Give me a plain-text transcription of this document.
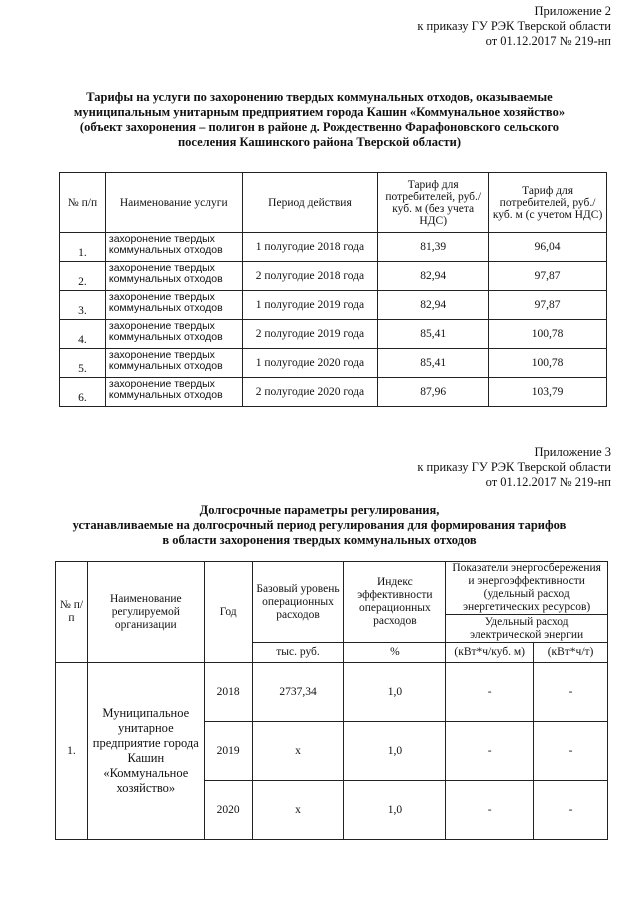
Приложение 2
к приказу ГУ РЭК Тверской области
от 01.12.2017 № 219-нп
Тарифы на услуги по захоронению твердых коммунальных отходов, оказываемые
муниципальным унитарным предприятием города Кашин «Коммунальное хозяйство»
(объект захоронения – полигон в районе д. Рождественно Фарафоновского сельского
поселения Кашинского района Тверской области)
№ п/п	Наименование услуги	Период действия	Тариф для потребителей, руб./куб. м (без учета НДС)	Тариф для потребителей, руб./куб. м (с учетом НДС)
1.	захоронение твердых коммунальных отходов	1 полугодие 2018 года	81,39	96,04
2.	захоронение твердых коммунальных отходов	2 полугодие 2018 года	82,94	97,87
3.	захоронение твердых коммунальных отходов	1 полугодие 2019 года	82,94	97,87
4.	захоронение твердых коммунальных отходов	2 полугодие 2019 года	85,41	100,78
5.	захоронение твердых коммунальных отходов	1 полугодие 2020 года	85,41	100,78
6.	захоронение твердых коммунальных отходов	2 полугодие 2020 года	87,96	103,79
Приложение 3
к приказу ГУ РЭК Тверской области
от 01.12.2017 № 219-нп
Долгосрочные параметры регулирования,
устанавливаемые на долгосрочный период регулирования для формирования тарифов
в области захоронения твердых коммунальных отходов
№ п/п	Наименование регулируемой организации	Год	Базовый уровень операционных расходов	Индекс эффективности операционных расходов	Показатели энергосбережения и энергоэффективности (удельный расход энергетических ресурсов)	
					Удельный расход электрической энергии	
			тыс. руб.	%	(кВт*ч/куб. м)	(кВт*ч/т)
1.	Муниципальное унитарное предприятие города Кашин «Коммунальное хозяйство»	2018	2737,34	1,0	-	-
		2019	x	1,0	-	-
		2020	x	1,0	-	-
